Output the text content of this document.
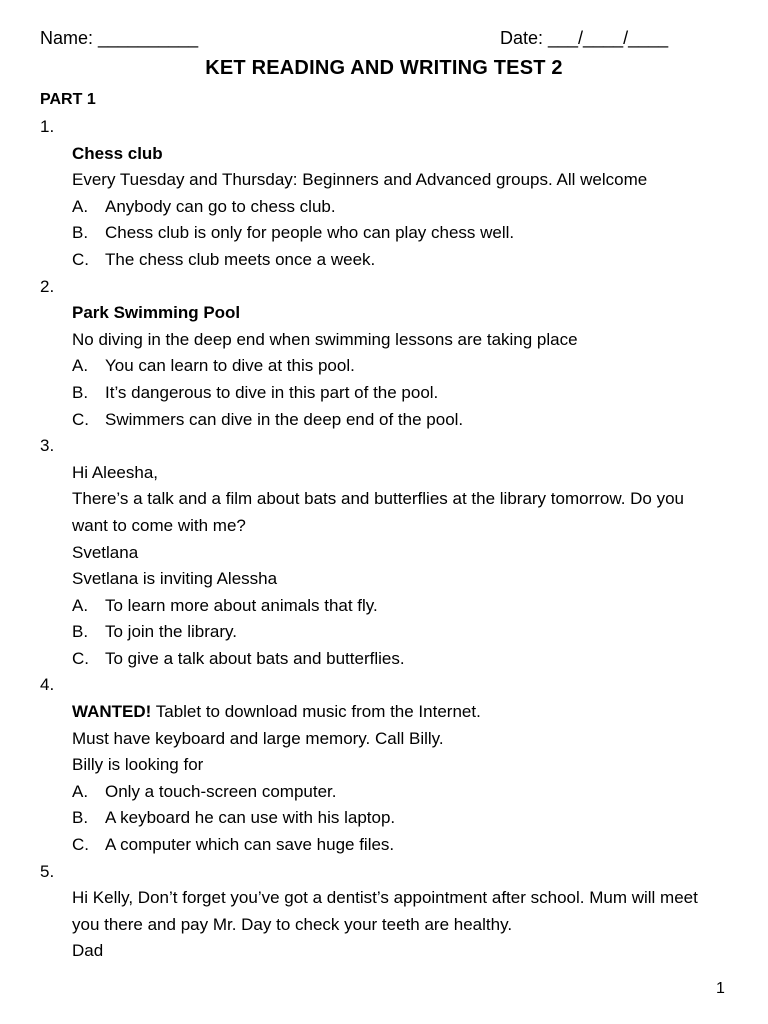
Name: __________	Date: ___/____/____
KET READING AND WRITING TEST 2
PART 1
1.
Chess club
Every Tuesday and Thursday: Beginners and Advanced groups. All welcome
A. Anybody can go to chess club.
B. Chess club is only for people who can play chess well.
C. The chess club meets once a week.
2.
Park Swimming Pool
No diving in the deep end when swimming lessons are taking place
A. You can learn to dive at this pool.
B. It’s dangerous to dive in this part of the pool.
C. Swimmers can dive in the deep end of the pool.
3.
Hi Aleesha,
There’s a talk and a film about bats and butterflies at the library tomorrow. Do you want to come with me?
Svetlana
Svetlana is inviting Alessha
A. To learn more about animals that fly.
B. To join the library.
C. To give a talk about bats and butterflies.
4.
WANTED! Tablet to download music from the Internet.
Must have keyboard and large memory. Call Billy.
Billy is looking for
A. Only a touch-screen computer.
B. A keyboard he can use with his laptop.
C. A computer which can save huge files.
5.
Hi Kelly, Don’t forget you’ve got a dentist’s appointment after school. Mum will meet you there and pay Mr. Day to check your teeth are healthy.
Dad
1
